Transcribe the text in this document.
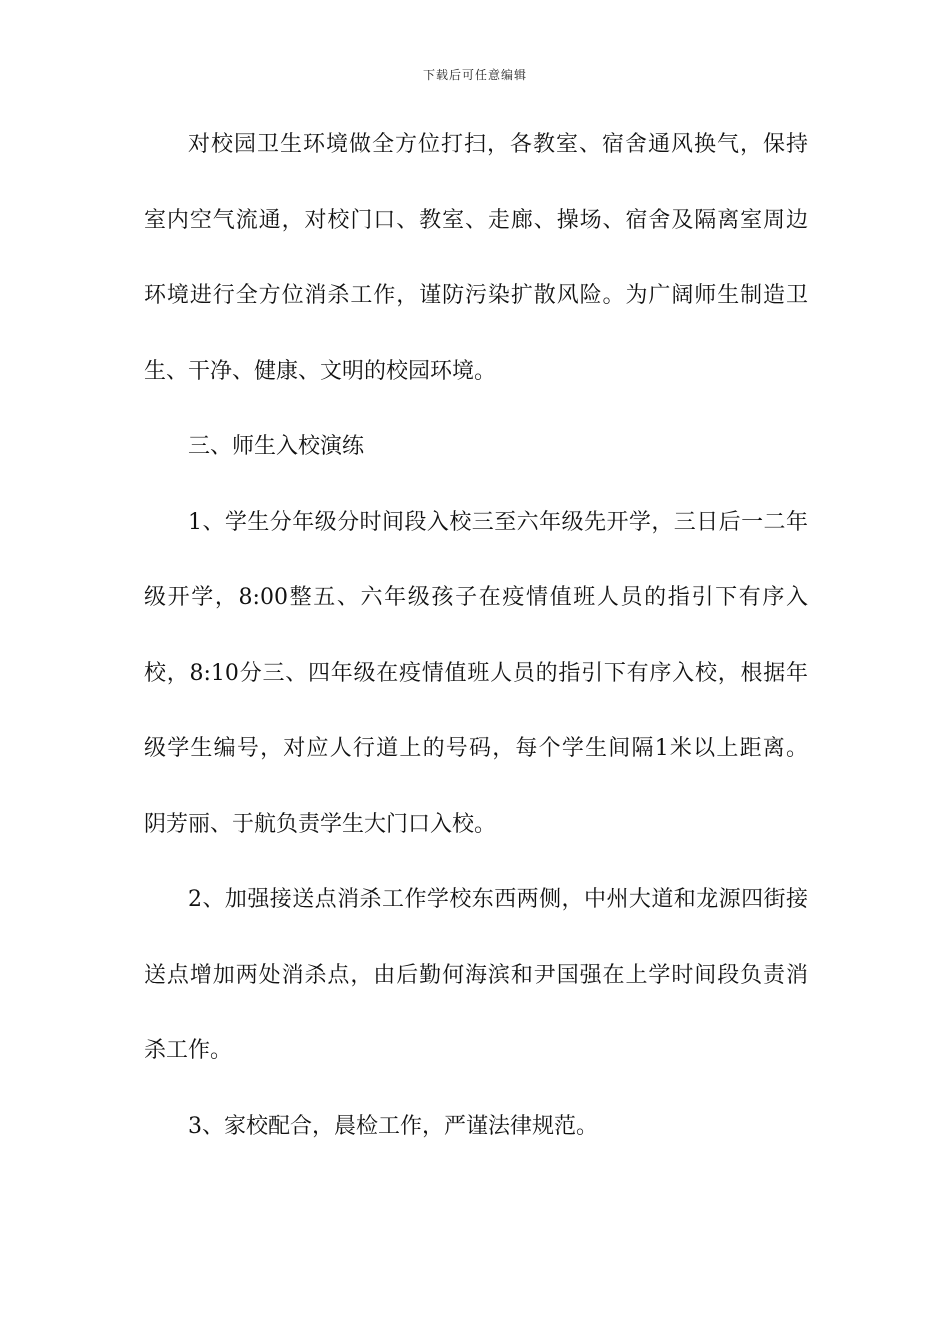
下载后可任意编辑
对校园卫生环境做全方位打扫，各教室、宿舍通风换气，保持
室内空气流通，对校门口、教室、走廊、操场、宿舍及隔离室周边
环境进行全方位消杀工作，谨防污染扩散风险。为广阔师生制造卫
生、干净、健康、文明的校园环境。
三、师生入校演练
1、学生分年级分时间段入校三至六年级先开学，三日后一二年
级开学，8:00整五、六年级孩子在疫情值班人员的指引下有序入
校，8:10分三、四年级在疫情值班人员的指引下有序入校，根据年
级学生编号，对应人行道上的号码，每个学生间隔1米以上距离。
阴芳丽、于航负责学生大门口入校。
2、加强接送点消杀工作学校东西两侧，中州大道和龙源四街接
送点增加两处消杀点，由后勤何海滨和尹国强在上学时间段负责消
杀工作。
3、家校配合，晨检工作，严谨法律规范。
